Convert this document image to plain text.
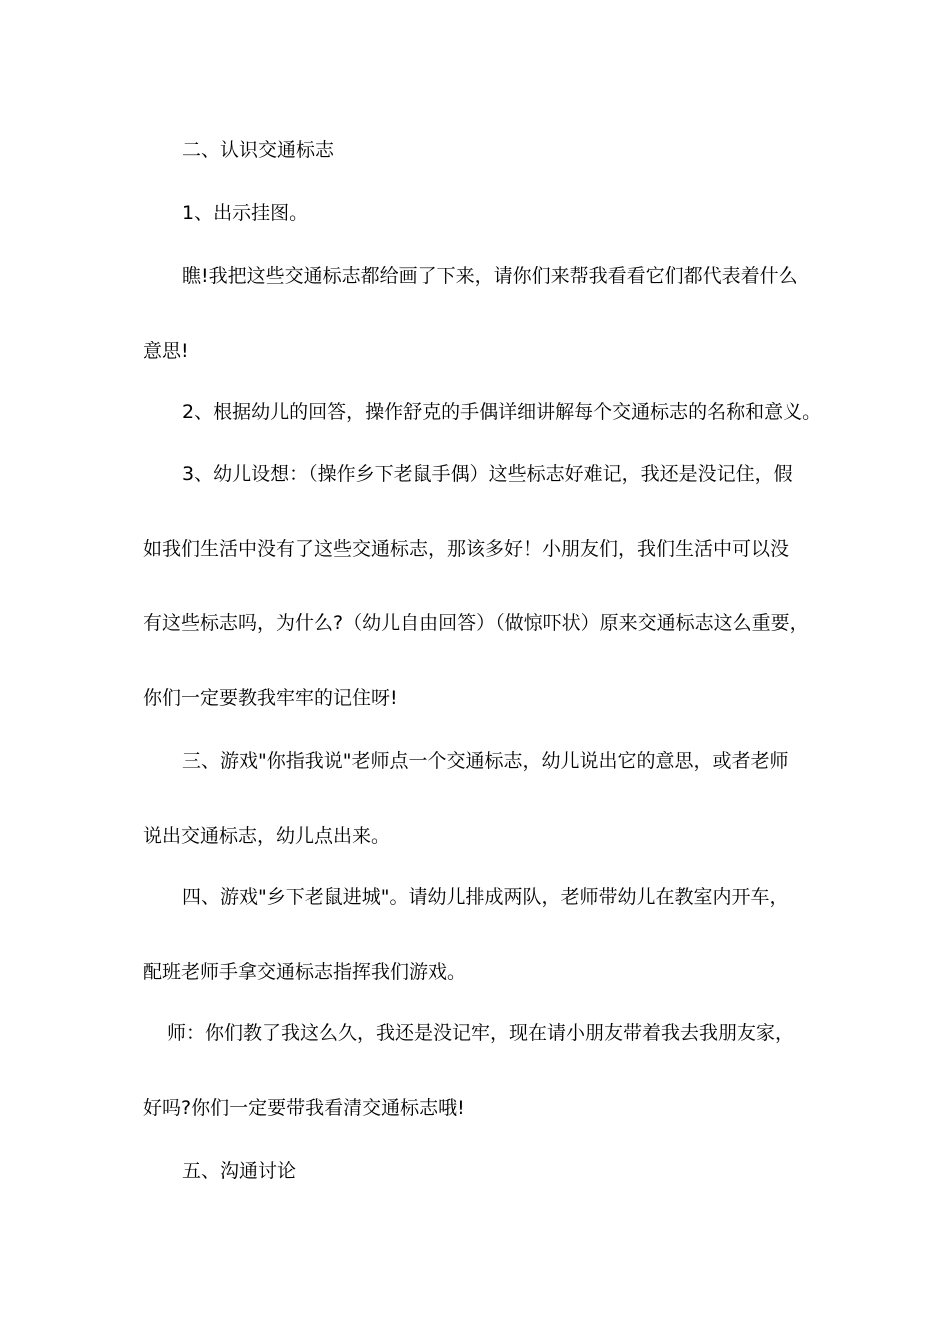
二、认识交通标志
1、出示挂图。
瞧!我把这些交通标志都给画了下来，请你们来帮我看看它们都代表着什么
意思!
2、根据幼儿的回答，操作舒克的手偶详细讲解每个交通标志的名称和意义。
3、幼儿设想：（操作乡下老鼠手偶）这些标志好难记，我还是没记住，假
如我们生活中没有了这些交通标志，那该多好！小朋友们，我们生活中可以没
有这些标志吗，为什么?（幼儿自由回答）（做惊吓状）原来交通标志这么重要，
你们一定要教我牢牢的记住呀!
三、游戏"你指我说"老师点一个交通标志，幼儿说出它的意思，或者老师
说出交通标志，幼儿点出来。
四、游戏"乡下老鼠进城"。请幼儿排成两队，老师带幼儿在教室内开车，
配班老师手拿交通标志指挥我们游戏。
师：你们教了我这么久，我还是没记牢，现在请小朋友带着我去我朋友家，
好吗?你们一定要带我看清交通标志哦!
五、沟通讨论
